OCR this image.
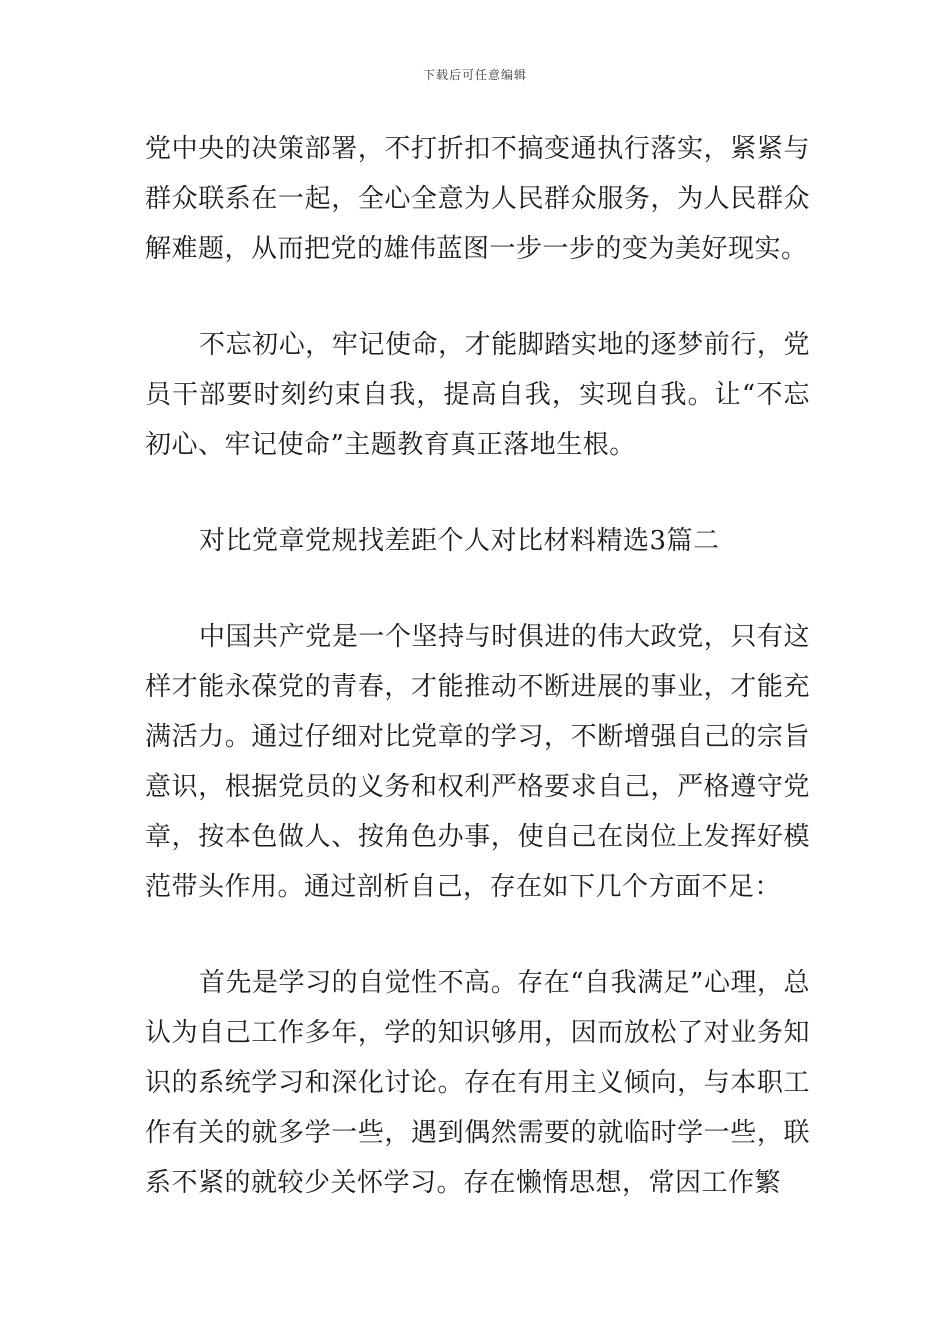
下载后可任意编辑

党中央的决策部署，不打折扣不搞变通执行落实，紧紧与群众联系在一起，全心全意为人民群众服务，为人民群众解难题，从而把党的雄伟蓝图一步一步的变为美好现实。

不忘初心，牢记使命，才能脚踏实地的逐梦前行，党员干部要时刻约束自我，提高自我，实现自我。让“不忘初心、牢记使命”主题教育真正落地生根。

对比党章党规找差距个人对比材料精选3篇二

中国共产党是一个坚持与时俱进的伟大政党，只有这样才能永葆党的青春，才能推动不断进展的事业，才能充满活力。通过仔细对比党章的学习，不断增强自己的宗旨意识，根据党员的义务和权利严格要求自己，严格遵守党章，按本色做人、按角色办事，使自己在岗位上发挥好模范带头作用。通过剖析自己，存在如下几个方面不足：

首先是学习的自觉性不高。存在“自我满足”心理，总认为自己工作多年，学的知识够用，因而放松了对业务知识的系统学习和深化讨论。存在有用主义倾向，与本职工作有关的就多学一些，遇到偶然需要的就临时学一些，联系不紧的就较少关怀学习。存在懒惰思想，常因工作繁
